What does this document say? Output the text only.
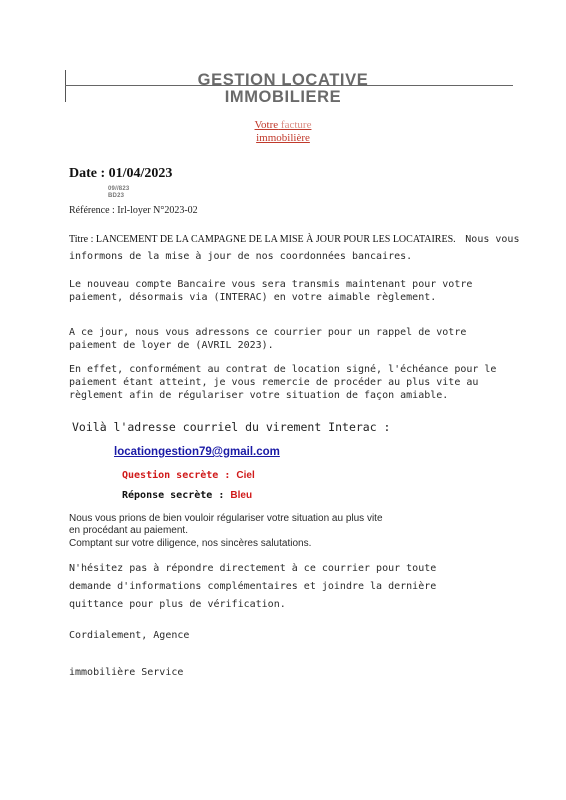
GESTION LOCATIVE
IMMOBILIERE
Votre facture
immobilière
Date : 01/04/2023
09//823
BD23
Référence : Irl-loyer N°2023-02
Titre : LANCEMENT DE LA CAMPAGNE DE LA MISE À JOUR POUR LES LOCATAIRES. Nous vous
informons de la mise à jour de nos coordonnées bancaires.
Le nouveau compte Bancaire vous sera transmis maintenant pour votre
paiement, désormais via (INTERAC) en votre aimable règlement.
A ce jour, nous vous adressons ce courrier pour un rappel de votre
paiement de loyer de (AVRIL 2023).
En effet, conformément au contrat de location signé, l'échéance pour le
paiement étant atteint, je vous remercie de procéder au plus vite au
règlement afin de régulariser votre situation de façon amiable.
Voilà l'adresse courriel du virement Interac :
locationgestion79@gmail.com
Question secrète : Ciel
Réponse secrète : Bleu
Nous vous prions de bien vouloir régulariser votre situation au plus vite
en procédant au paiement.
Comptant sur votre diligence, nos sincères salutations.
N'hésitez pas à répondre directement à ce courrier pour toute
demande d'informations complémentaires et joindre la dernière
quittance pour plus de vérification.
Cordialement, Agence
immobilière Service
